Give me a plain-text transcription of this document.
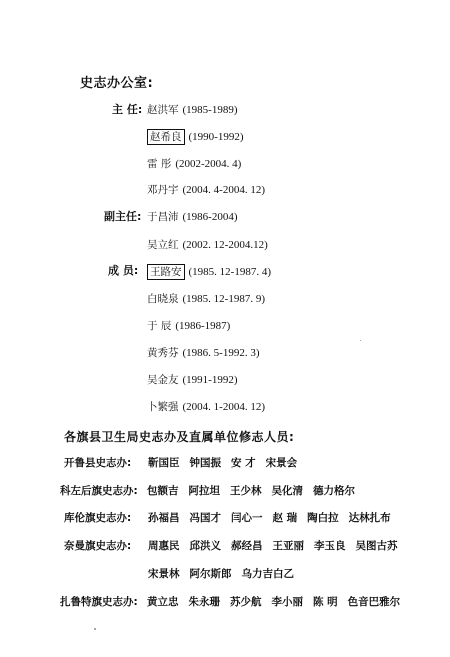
史志办公室:
主 任: 赵洪军 (1985-1989)
赵希良 (1990-1992)
雷 彤 (2002-2004. 4)
邓丹宇 (2004. 4-2004. 12)
副主任: 于昌沛 (1986-2004)
吴立红 (2002. 12-2004.12)
成 员: 王路安 (1985. 12-1987. 4)
白晓泉 (1985. 12-1987. 9)
于 辰 (1986-1987)
黄秀芬 (1986. 5-1992. 3)
吴金友 (1991-1992)
卜繁强 (2004. 1-2004. 12)
各旗县卫生局史志办及直属单位修志人员:
开鲁县史志办: 靳国臣 钟国振 安 才 宋景会
科左后旗史志办: 包额吉 阿拉坦 王少林 吴化清 德力格尔
库伦旗史志办: 孙福昌 冯国才 闫心一 赵 瑞 陶白拉 达林扎布
奈曼旗史志办: 周惠民 邱洪义 郝经昌 王亚丽 李玉良 吴图古苏
宋景林 阿尔斯郎 乌力吉白乙
扎鲁特旗史志办: 黄立忠 朱永珊 苏少航 李小丽 陈 明 色音巴雅尔
